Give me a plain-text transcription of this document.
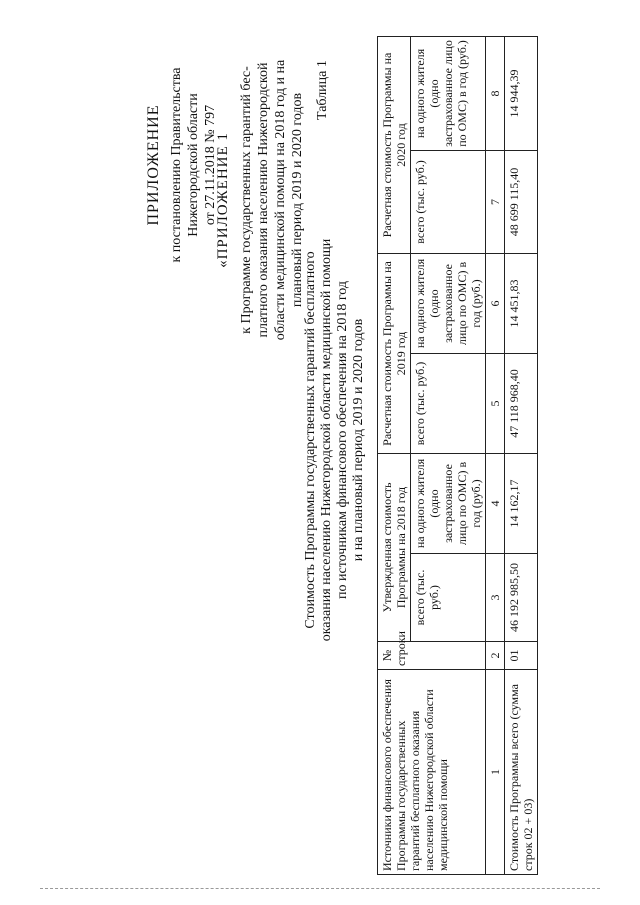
ПРИЛОЖЕНИЕ к постановлению Правительства Нижегородской области от 27.11.2018 № 797
«ПРИЛОЖЕНИЕ 1 к Программе государственных гарантий бес- платного оказания населению Нижегородской области медицинской помощи на 2018 год и на плановый период 2019 и 2020 годов
Таблица 1
Стоимость Программы государственных гарантий бесплатного оказания населению Нижегородской области медицинской помощи по источникам финансового обеспечения на 2018 год и на плановый период 2019 и 2020 годов
Источники финансового обеспечения Программы государственных гарантий бесплатного оказания населению Нижегородской области медицинской помощи	№ строки	Утвержденная стоимость Программы на 2018 год		Расчетная стоимость Программы на 2019 год		Расчетная стоимость Программы на 2020 год	
		всего (тыс. руб.)	на одного жителя (одно застрахованное лицо по ОМС) в год (руб.)	всего (тыс. руб.)	на одного жителя (одно застрахованное лицо по ОМС) в год (руб.)	всего (тыс. руб.)	на одного жителя (одно застрахованное лицо по ОМС) в год (руб.)
1	2	3	4	5	6	7	8
Стоимость Программы всего (сумма строк 02 + 03)	01	46 192 985,50	14 162,17	47 118 968,40	14 451,83	48 699 115,40	14 944,39
